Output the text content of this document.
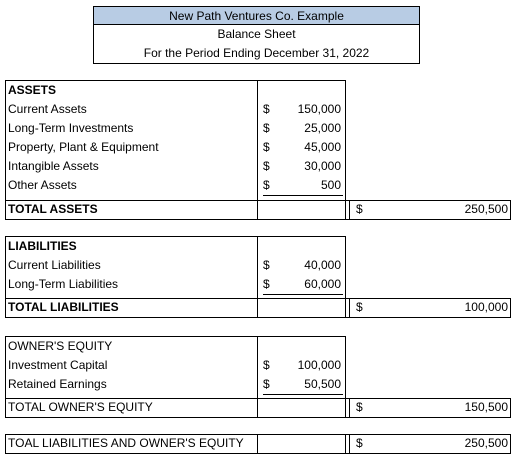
New Path Ventures Co. Example
Balance Sheet
For the Period Ending December 31, 2022
ASSETS
Current Assets	$ 150,000
Long-Term Investments	$	25,000
Property, Plant & Equipment	$	45,000
Intangible Assets	$	30,000
Other Assets	$	500
TOTAL ASSETS	$	250,500
LIABILITIES
Current Liabilities	$	40,000
Long-Term Liabilities	$	60,000
TOTAL LIABILITIES	$	100,000
OWNER'S EQUITY
Investment Capital	$ 100,000
Retained Earnings	$	50,500
TOTAL OWNER'S EQUITY	$	150,500
TOAL LIABILITIES AND OWNER'S EQUITY	$	250,500
